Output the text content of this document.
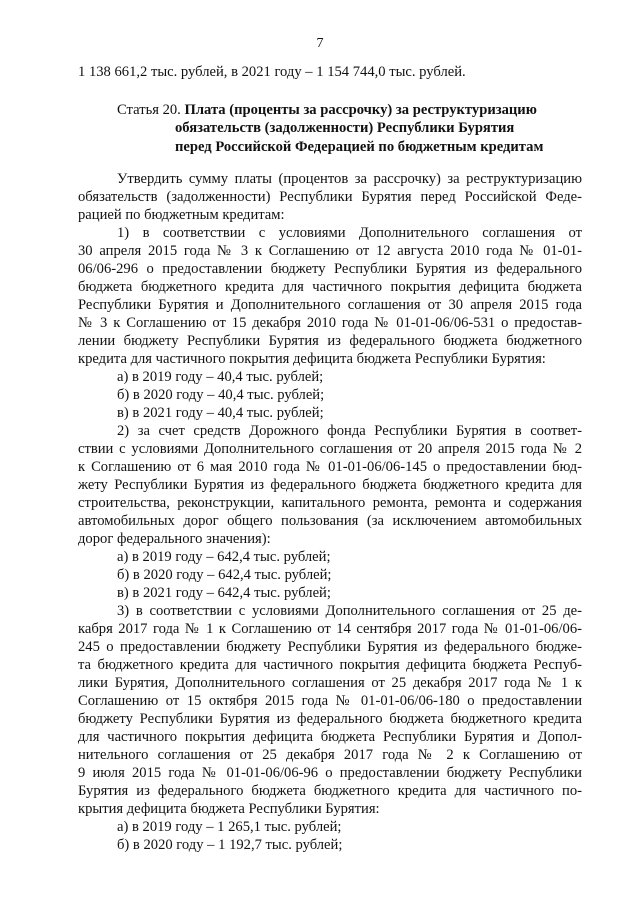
7
1 138 661,2 тыс. рублей, в 2021 году – 1 154 744,0 тыс. рублей.
Статья 20. Плата (проценты за рассрочку) за реструктуризацию
обязательств (задолженности) Республики Бурятия
перед Российской Федерацией по бюджетным кредитам
Утвердить сумму платы (процентов за рассрочку) за реструктуризацию
обязательств (задолженности) Республики Бурятия перед Российской Феде-
рацией по бюджетным кредитам:
1) в соответствии с условиями Дополнительного соглашения от
30 апреля 2015 года № 3 к Соглашению от 12 августа 2010 года № 01-01-
06/06-296 о предоставлении бюджету Республики Бурятия из федерального
бюджета бюджетного кредита для частичного покрытия дефицита бюджета
Республики Бурятия и Дополнительного соглашения от 30 апреля 2015 года
№ 3 к Соглашению от 15 декабря 2010 года № 01-01-06/06-531 о предостав-
лении бюджету Республики Бурятия из федерального бюджета бюджетного
кредита для частичного покрытия дефицита бюджета Республики Бурятия:
а) в 2019 году – 40,4 тыс. рублей;
б) в 2020 году – 40,4 тыс. рублей;
в) в 2021 году – 40,4 тыс. рублей;
2) за счет средств Дорожного фонда Республики Бурятия в соответ-
ствии с условиями Дополнительного соглашения от 20 апреля 2015 года № 2
к Соглашению от 6 мая 2010 года № 01-01-06/06-145 о предоставлении бюд-
жету Республики Бурятия из федерального бюджета бюджетного кредита для
строительства, реконструкции, капитального ремонта, ремонта и содержания
автомобильных дорог общего пользования (за исключением автомобильных
дорог федерального значения):
а) в 2019 году – 642,4 тыс. рублей;
б) в 2020 году – 642,4 тыс. рублей;
в) в 2021 году – 642,4 тыс. рублей;
3) в соответствии с условиями Дополнительного соглашения от 25 де-
кабря 2017 года № 1 к Соглашению от 14 сентября 2017 года № 01-01-06/06-
245 о предоставлении бюджету Республики Бурятия из федерального бюдже-
та бюджетного кредита для частичного покрытия дефицита бюджета Респуб-
лики Бурятия, Дополнительного соглашения от 25 декабря 2017 года № 1 к
Соглашению от 15 октября 2015 года № 01-01-06/06-180 о предоставлении
бюджету Республики Бурятия из федерального бюджета бюджетного кредита
для частичного покрытия дефицита бюджета Республики Бурятия и Допол-
нительного соглашения от 25 декабря 2017 года № 2 к Соглашению от
9 июля 2015 года № 01-01-06/06-96 о предоставлении бюджету Республики
Бурятия из федерального бюджета бюджетного кредита для частичного по-
крытия дефицита бюджета Республики Бурятия:
а) в 2019 году – 1 265,1 тыс. рублей;
б) в 2020 году – 1 192,7 тыс. рублей;
